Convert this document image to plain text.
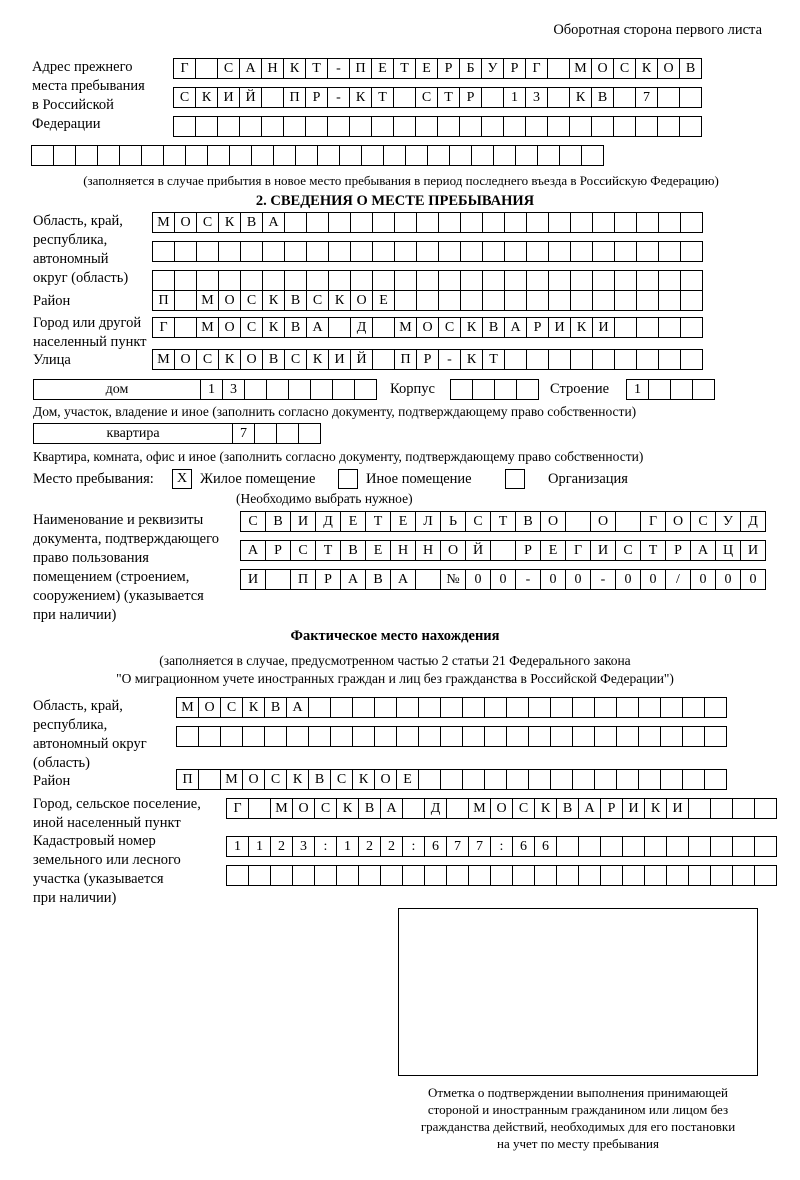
Оборотная сторона первого листа
Адрес прежнего
места пребывания
в Российской
Федерации
Г	С А Н К Т	-	П Е Т Е Р	Б У Р	Г	М О С К О В
С К И Й	П Р	-	К Т	С Т Р	1	3	К В	7
(заполняется в случае прибытия в новое место пребывания в период последнего въезда в Российскую Федерацию)
2. СВЕДЕНИЯ О МЕСТЕ ПРЕБЫВАНИЯ
Область, край,
республика,
автономный
округ (область)
М О С К В А
Район	П	М О С К В С К О Е
Город или другой
населенный пункт
Г	М О С К В А	Д	М О С К В А Р И К И
Улица	М О С К О В С К И Й	П Р	-	К Т
дом	1	3	Корпус	Строение	1
Дом, участок, владение и иное (заполнить согласно документу, подтверждающему право собственности)
квартира	7
Квартира, комната, офис и иное (заполнить согласно документу, подтверждающему право собственности)
Место пребывания:	X Жилое помещение	Иное помещение	Организация
(Необходимо выбрать нужное)
Наименование и реквизиты
документа, подтверждающего
право пользования
помещением (строением,
сооружением) (указывается
при наличии)
С	В	И	Д	Е	Т	Е	Л	Ь	С	Т	В	О	О	Г	О	С	У	Д
А	Р	С	Т	В	Е	Н	Н	О	Й	Р	Е	Г	И	С	Т	Р	А	Ц	И
И	П	Р	А	В	А	№	0	0	-	0	0	-	0	0	/	0	0	0
Фактическое место нахождения
(заполняется в случае, предусмотренном частью 2 статьи 21 Федерального закона
"О миграционном учете иностранных граждан и лиц без гражданства в Российской Федерации")
Область, край,
республика,
автономный округ
(область)
М О С К В А
Район	П	М О С К В С К О Е
Город, сельское поселение,
иной населенный пункт
Г	М О С К В А	Д	М О С К В А Р И К И
Кадастровый номер
земельного или лесного
участка (указывается
при наличии)
1	1	2	3	:	1	2	2	:	6	7	7	:	6	6
Отметка о подтверждении выполнения принимающей
стороной и иностранным гражданином или лицом без
гражданства действий, необходимых для его постановки
на учет по месту пребывания
